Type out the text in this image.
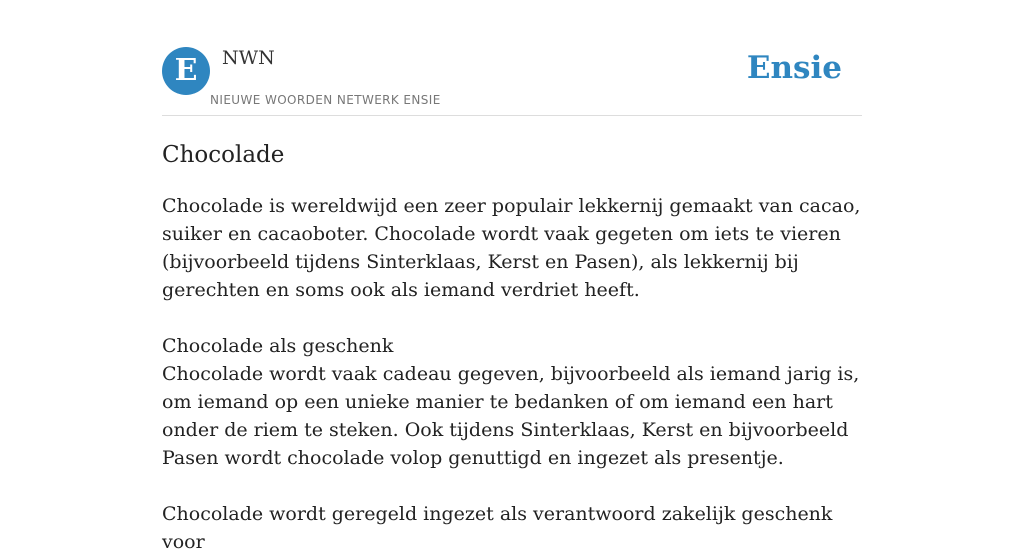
E	NWN
NIEUWE WOORDEN NETWERK ENSIE
Ensie
Chocolade

Chocolade is wereldwijd een zeer populair lekkernij gemaakt van cacao, suiker en cacaoboter. Chocolade wordt vaak gegeten om iets te vieren (bijvoorbeeld tijdens Sinterklaas, Kerst en Pasen), als lekkernij bij gerechten en soms ook als iemand verdriet heeft.

Chocolade als geschenk
Chocolade wordt vaak cadeau gegeven, bijvoorbeeld als iemand jarig is, om iemand op een unieke manier te bedanken of om iemand een hart onder de riem te steken. Ook tijdens Sinterklaas, Kerst en bijvoorbeeld Pasen wordt chocolade volop genuttigd en ingezet als presentje.

Chocolade wordt geregeld ingezet als verantwoord zakelijk geschenk voor
